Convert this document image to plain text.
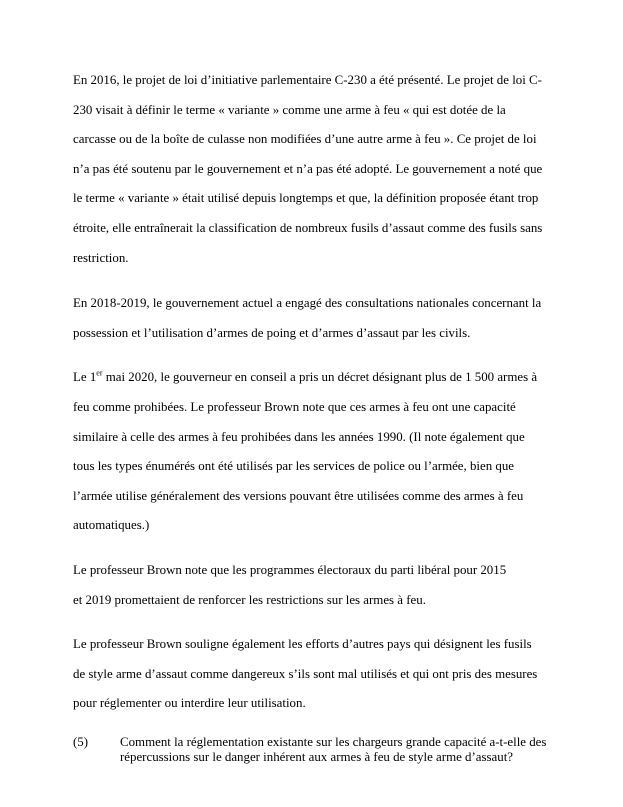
En 2016, le projet de loi d’initiative parlementaire C-230 a été présenté. Le projet de loi C-
230 visait à définir le terme « variante » comme une arme à feu « qui est dotée de la
carcasse ou de la boîte de culasse non modifiées d’une autre arme à feu ». Ce projet de loi
n’a pas été soutenu par le gouvernement et n’a pas été adopté. Le gouvernement a noté que
le terme « variante » était utilisé depuis longtemps et que, la définition proposée étant trop
étroite, elle entraînerait la classification de nombreux fusils d’assaut comme des fusils sans
restriction.

En 2018-2019, le gouvernement actuel a engagé des consultations nationales concernant la
possession et l’utilisation d’armes de poing et d’armes d’assaut par les civils.

Le 1er mai 2020, le gouverneur en conseil a pris un décret désignant plus de 1 500 armes à
feu comme prohibées. Le professeur Brown note que ces armes à feu ont une capacité
similaire à celle des armes à feu prohibées dans les années 1990. (Il note également que
tous les types énumérés ont été utilisés par les services de police ou l’armée, bien que
l’armée utilise généralement des versions pouvant être utilisées comme des armes à feu
automatiques.)

Le professeur Brown note que les programmes électoraux du parti libéral pour 2015
et 2019 promettaient de renforcer les restrictions sur les armes à feu.

Le professeur Brown souligne également les efforts d’autres pays qui désignent les fusils
de style arme d’assaut comme dangereux s’ils sont mal utilisés et qui ont pris des mesures
pour réglementer ou interdire leur utilisation.

(5)	Comment la réglementation existante sur les chargeurs grande capacité a-t-elle des répercussions sur le danger inhérent aux armes à feu de style arme d’assaut?
